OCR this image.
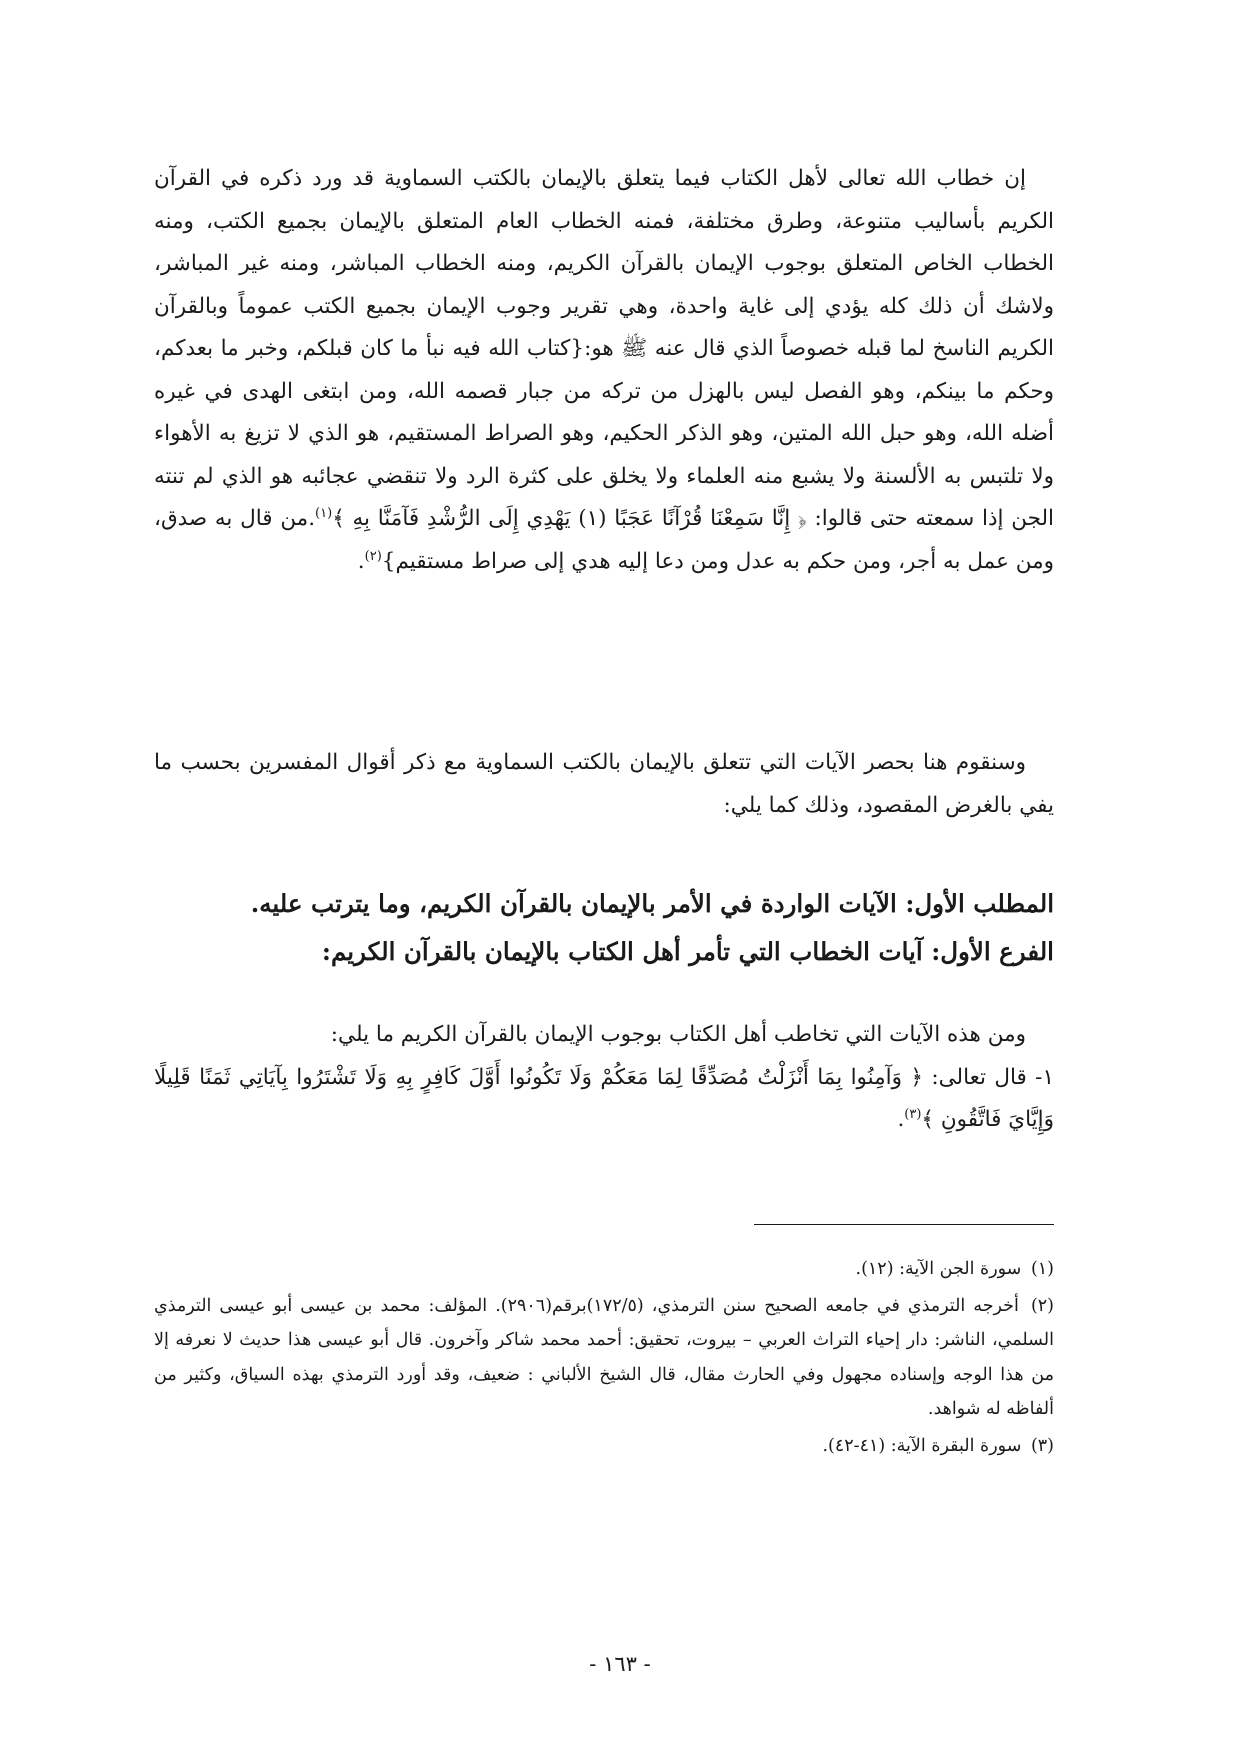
إن خطاب الله تعالى لأهل الكتاب فيما يتعلق بالإيمان بالكتب السماوية قد ورد ذكره في القرآن الكريم بأساليب متنوعة، وطرق مختلفة، فمنه الخطاب العام المتعلق بالإيمان بجميع الكتب، ومنه الخطاب الخاص المتعلق بوجوب الإيمان بالقرآن الكريم، ومنه الخطاب المباشر، ومنه غير المباشر، ولاشك أن ذلك كله يؤدي إلى غاية واحدة، وهي تقرير وجوب الإيمان بجميع الكتب عموماً وبالقرآن الكريم الناسخ لما قبله خصوصاً الذي قال عنه ﷺ هو:{كتاب الله فيه نبأ ما كان قبلكم، وخبر ما بعدكم، وحكم ما بينكم، وهو الفصل ليس بالهزل من تركه من جبار قصمه الله، ومن ابتغى الهدى في غيره أضله الله، وهو حبل الله المتين، وهو الذكر الحكيم، وهو الصراط المستقيم، هو الذي لا تزيغ به الأهواء ولا تلتبس به الألسنة ولا يشبع منه العلماء ولا يخلق على كثرة الرد ولا تنقضي عجائبه هو الذي لم تنته الجن إذا سمعته حتى قالوا: ﴿ إِنَّا سَمِعْنَا قُرْآنًا عَجَبًا (١) يَهْدِي إِلَى الرُّشْدِ فَآمَنَّا بِهِ ﴾$^{(١)}$.من قال به صدق، ومن عمل به أجر، ومن حكم به عدل ومن دعا إليه هدي إلى صراط مستقيم}$^{(٢)}$.

وسنقوم هنا بحصر الآيات التي تتعلق بالإيمان بالكتب السماوية مع ذكر أقوال المفسرين بحسب ما يفي بالغرض المقصود، وذلك كما يلي:

المطلب الأول: الآيات الواردة في الأمر بالإيمان بالقرآن الكريم، وما يترتب عليه.
الفرع الأول: آيات الخطاب التي تأمر أهل الكتاب بالإيمان بالقرآن الكريم:

ومن هذه الآيات التي تخاطب أهل الكتاب بوجوب الإيمان بالقرآن الكريم ما يلي:

١- قال تعالى: ﴿ وَآمِنُوا بِمَا أَنْزَلْتُ مُصَدِّقًا لِمَا مَعَكُمْ وَلَا تَكُونُوا أَوَّلَ كَافِرٍ بِهِ وَلَا تَشْتَرُوا بِآيَاتِي ثَمَنًا قَلِيلًا وَإِيَّايَ فَاتَّقُونِ ﴾$^{(٣)}$.

(١) سورة الجن الآية: (١٢).

(٢) أخرجه الترمذي في جامعه الصحيح سنن الترمذي، (١٧٢/٥)برقم(٢٩٠٦). المؤلف: محمد بن عيسى أبو عيسى الترمذي السلمي، الناشر: دار إحياء التراث العربي – بيروت، تحقيق: أحمد محمد شاكر وآخرون. قال أبو عيسى هذا حديث لا نعرفه إلا من هذا الوجه وإسناده مجهول وفي الحارث مقال، قال الشيخ الألباني : ضعيف، وقد أورد الترمذي بهذه السياق، وكثير من ألفاظه له شواهد.

(٣) سورة البقرة الآية: (٤١-٤٢).

- ١٦٣ -
